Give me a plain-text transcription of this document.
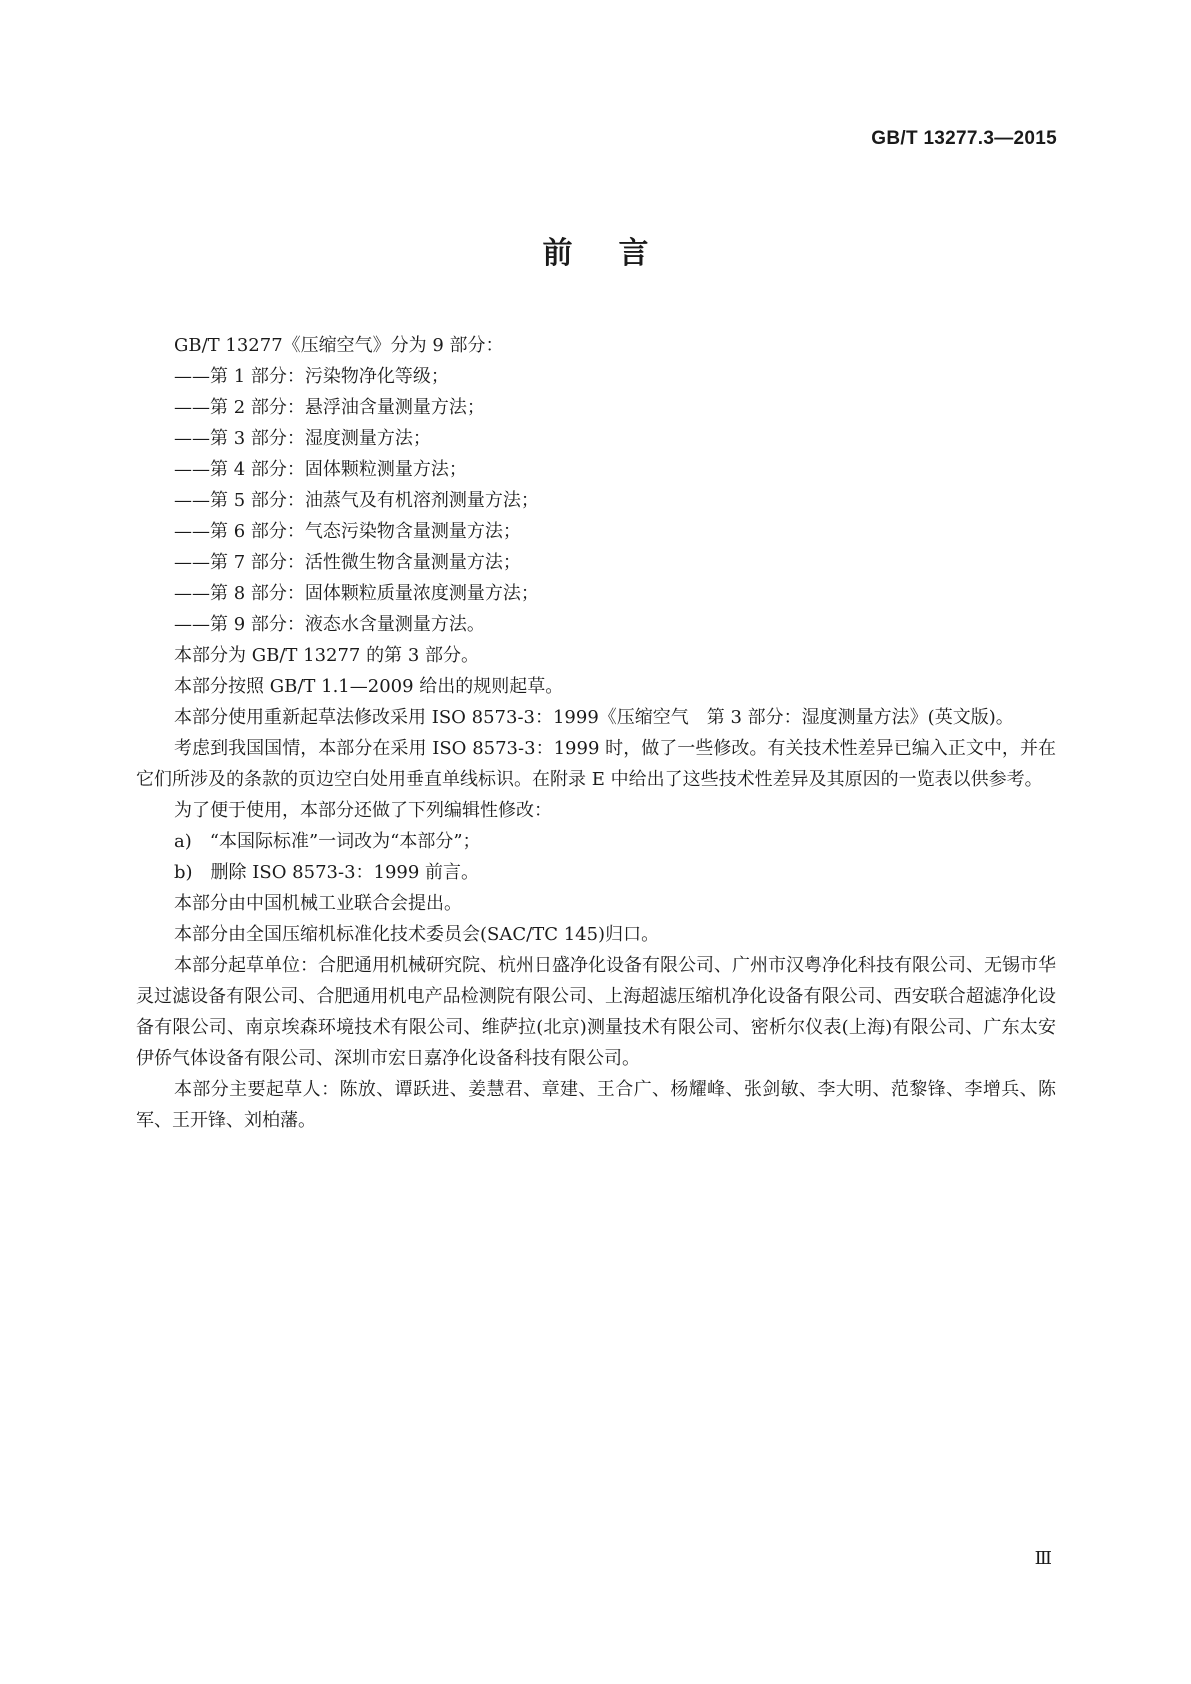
GB/T 13277.3—2015
前言

GB/T 13277《压缩空气》分为 9 部分：

——第 1 部分：污染物净化等级；

——第 2 部分：悬浮油含量测量方法；

——第 3 部分：湿度测量方法；

——第 4 部分：固体颗粒测量方法；

——第 5 部分：油蒸气及有机溶剂测量方法；

——第 6 部分：气态污染物含量测量方法；

——第 7 部分：活性微生物含量测量方法；

——第 8 部分：固体颗粒质量浓度测量方法；

——第 9 部分：液态水含量测量方法。

本部分为 GB/T 13277 的第 3 部分。

本部分按照 GB/T 1.1—2009 给出的规则起草。

本部分使用重新起草法修改采用 ISO 8573-3：1999《压缩空气　第 3 部分：湿度测量方法》(英文版)。

考虑到我国国情，本部分在采用 ISO 8573-3：1999 时，做了一些修改。有关技术性差异已编入正文中，并在它们所涉及的条款的页边空白处用垂直单线标识。在附录 E 中给出了这些技术性差异及其原因的一览表以供参考。

为了便于使用，本部分还做了下列编辑性修改：

a)　“本国际标准”一词改为“本部分”；

b)　删除 ISO 8573-3：1999 前言。

本部分由中国机械工业联合会提出。

本部分由全国压缩机标准化技术委员会(SAC/TC 145)归口。

本部分起草单位：合肥通用机械研究院、杭州日盛净化设备有限公司、广州市汉粤净化科技有限公司、无锡市华灵过滤设备有限公司、合肥通用机电产品检测院有限公司、上海超滤压缩机净化设备有限公司、西安联合超滤净化设备有限公司、南京埃森环境技术有限公司、维萨拉(北京)测量技术有限公司、密析尔仪表(上海)有限公司、广东太安伊侨气体设备有限公司、深圳市宏日嘉净化设备科技有限公司。

本部分主要起草人：陈放、谭跃进、姜慧君、章建、王合广、杨耀峰、张剑敏、李大明、范黎锋、李增兵、陈军、王开锋、刘柏藩。

Ⅲ
